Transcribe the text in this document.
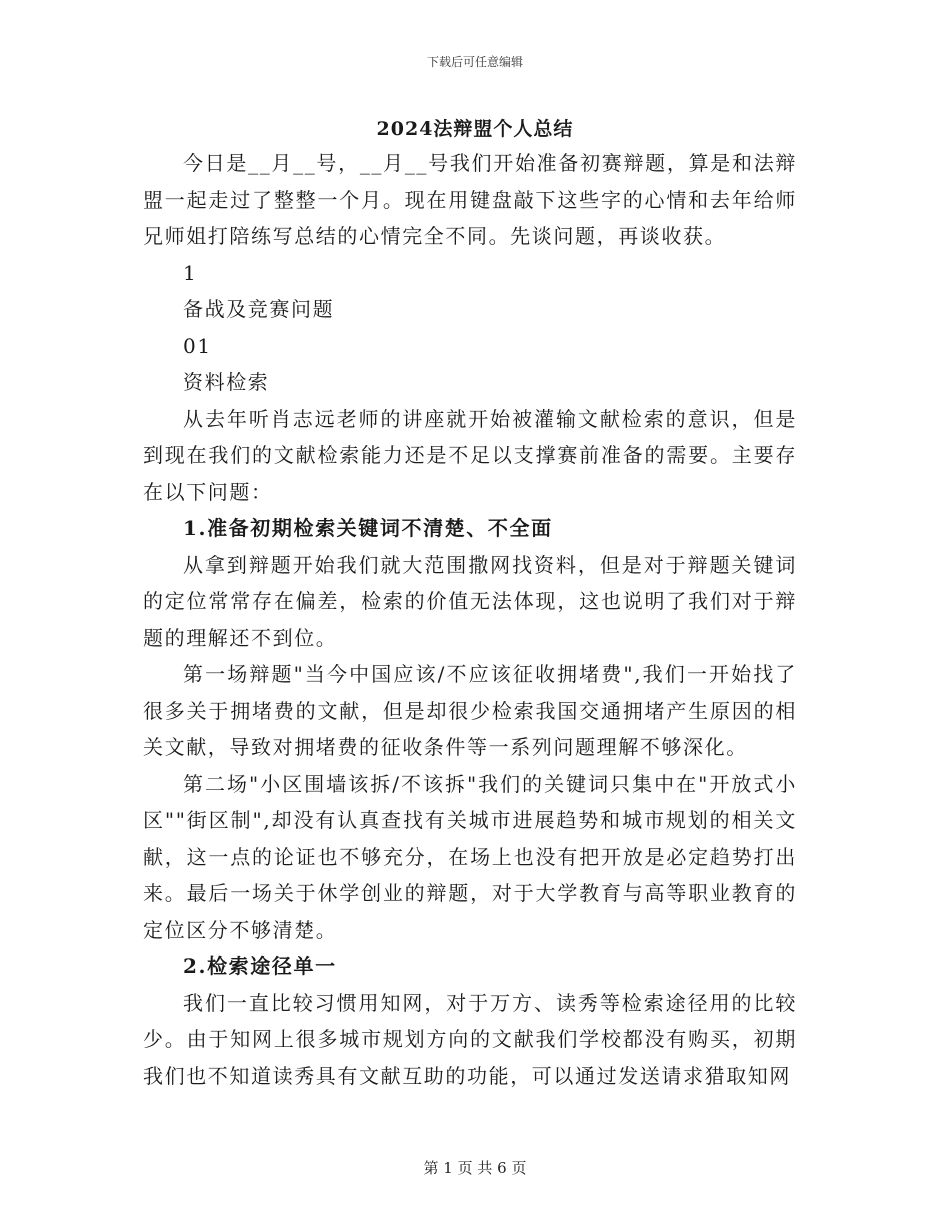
下载后可任意编辑
2024法辩盟个人总结

今日是__月__号，__月__号我们开始准备初赛辩题，算是和法辩盟一起走过了整整一个月。现在用键盘敲下这些字的心情和去年给师兄师姐打陪练写总结的心情完全不同。先谈问题，再谈收获。

1

备战及竞赛问题

01

资料检索

从去年听肖志远老师的讲座就开始被灌输文献检索的意识，但是到现在我们的文献检索能力还是不足以支撑赛前准备的需要。主要存在以下问题：

1.准备初期检索关键词不清楚、不全面

从拿到辩题开始我们就大范围撒网找资料，但是对于辩题关键词的定位常常存在偏差，检索的价值无法体现，这也说明了我们对于辩题的理解还不到位。

第一场辩题"当今中国应该/不应该征收拥堵费",我们一开始找了很多关于拥堵费的文献，但是却很少检索我国交通拥堵产生原因的相关文献，导致对拥堵费的征收条件等一系列问题理解不够深化。

第二场"小区围墙该拆/不该拆"我们的关键词只集中在"开放式小区""街区制",却没有认真查找有关城市进展趋势和城市规划的相关文献，这一点的论证也不够充分，在场上也没有把开放是必定趋势打出来。最后一场关于休学创业的辩题，对于大学教育与高等职业教育的定位区分不够清楚。

2.检索途径单一

我们一直比较习惯用知网，对于万方、读秀等检索途径用的比较少。由于知网上很多城市规划方向的文献我们学校都没有购买，初期我们也不知道读秀具有文献互助的功能，可以通过发送请求猎取知网

第 1 页 共 6 页
